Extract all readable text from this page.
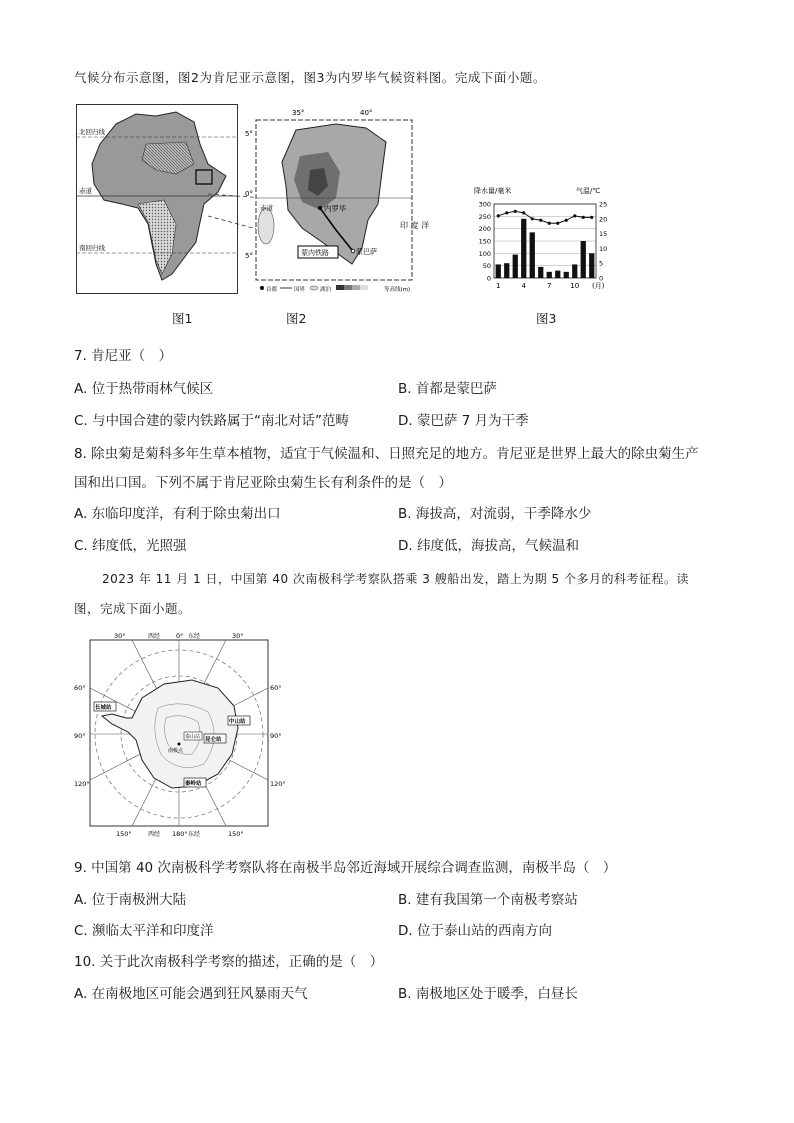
气候分布示意图，图2为肯尼亚示意图，图3为内罗毕气候资料图。完成下面小题。
北回归线
赤道
南回归线
35°	40°
5°
0°
5°
赤道	内罗毕
蒙巴萨
蒙内铁路
印 度 洋
首都	国界	湖泊	等高线(m)
降水量/毫米	气温/℃
0
50
100
150
200
250
300
0
5
10
15
20
25
1	4	7	10 (月)
图1	图2	图3
7. 肯尼亚（　）
A. 位于热带雨林气候区	B. 首都是蒙巴萨
C. 与中国合建的蒙内铁路属于“南北对话”范畴	D. 蒙巴萨 7 月为干季
8. 除虫菊是菊科多年生草本植物，适宜于气候温和、日照充足的地方。肯尼亚是世界上最大的除虫菊生产
国和出口国。下列不属于肯尼亚除虫菊生长有利条件的是（　）
A. 东临印度洋，有利于除虫菊出口	B. 海拔高，对流弱，干季降水少
C. 纬度低，光照强	D. 纬度低，海拔高，气候温和
2023 年 11 月 1 日，中国第 40 次南极科学考察队搭乘 3 艘船出发，踏上为期 5 个多月的科考征程。读
图，完成下面小题。
30°	西经 0° 东经	30°
60°
90°
120°
60°
90°
120°
150°	西经 180° 东经	150°
长城站
中山站
昆仑站
泰山站
南极点
秦岭站
9. 中国第 40 次南极科学考察队将在南极半岛邻近海域开展综合调查监测，南极半岛（　）
A. 位于南极洲大陆	B. 建有我国第一个南极考察站
C. 濒临太平洋和印度洋	D. 位于泰山站的西南方向
10. 关于此次南极科学考察的描述，正确的是（　）
A. 在南极地区可能会遇到狂风暴雨天气	B. 南极地区处于暖季，白昼长
